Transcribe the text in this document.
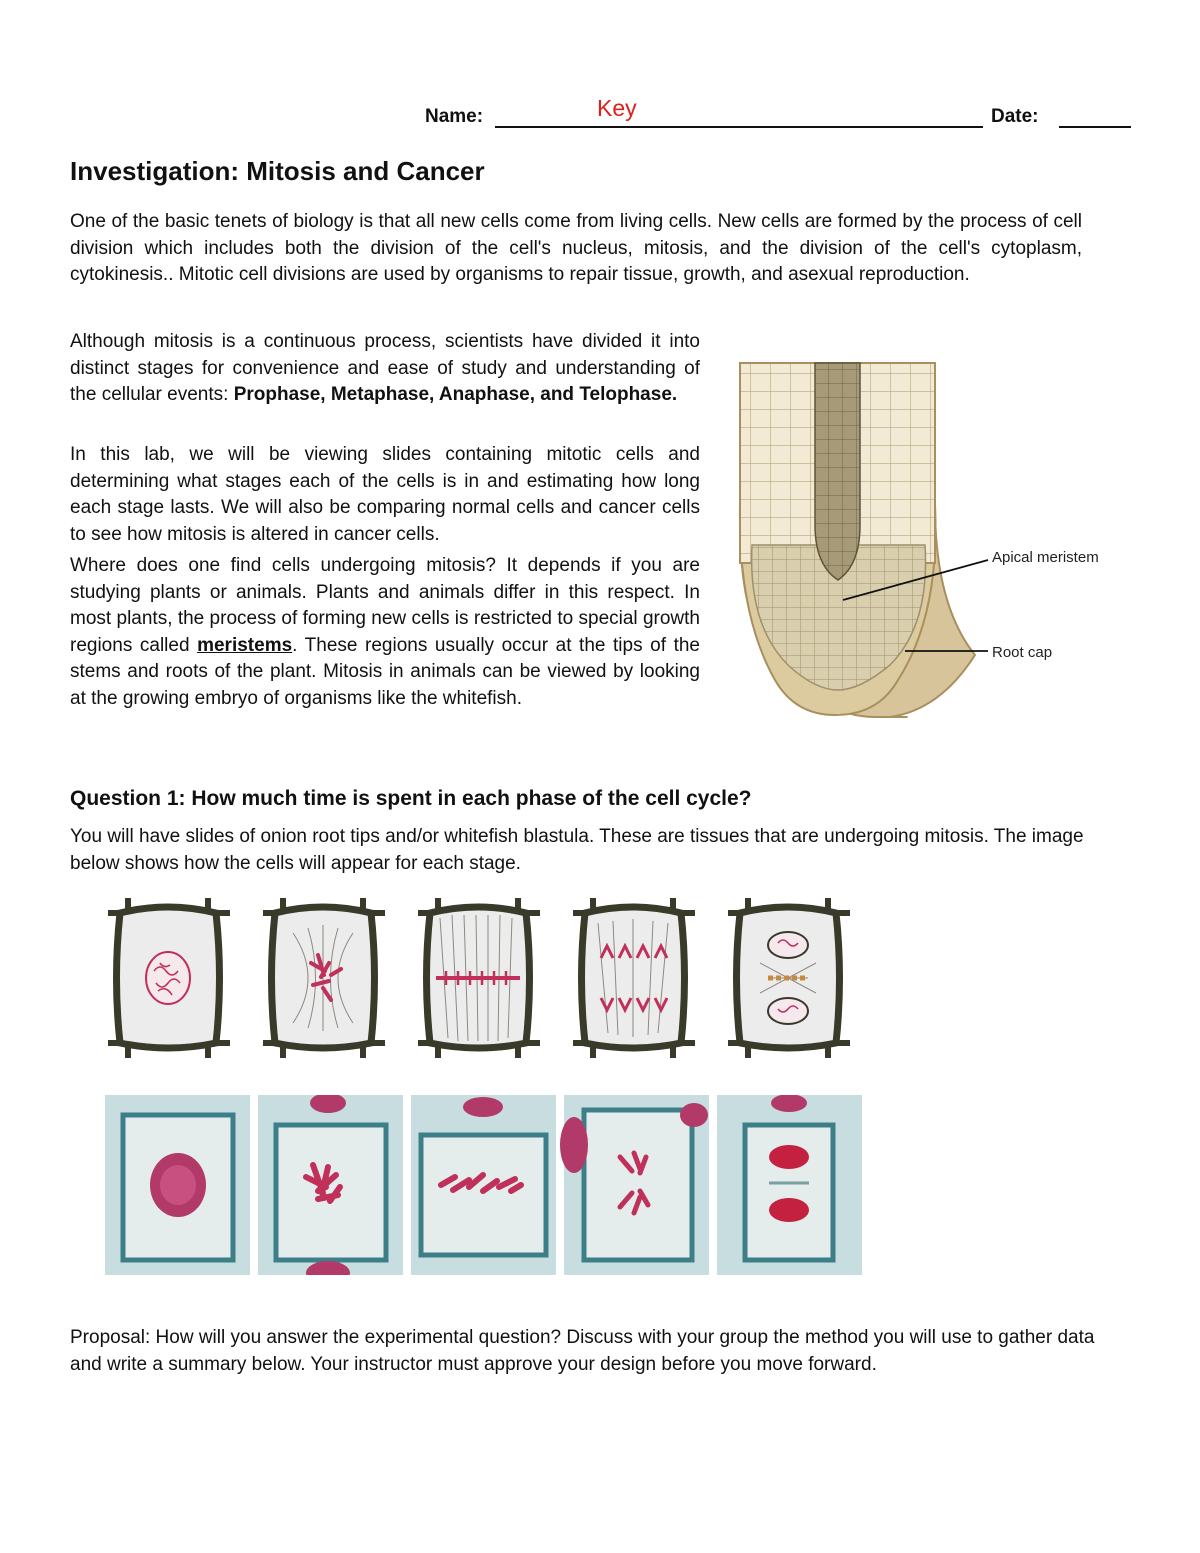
Name:	Date:
Key
Investigation: Mitosis and Cancer

One of the basic tenets of biology is that all new cells come from living cells. New cells are formed by the process of cell division which includes both the division of the cell's nucleus, mitosis, and the division of the cell's cytoplasm, cytokinesis.. Mitotic cell divisions are used by organisms to repair tissue, growth, and asexual reproduction.

Although mitosis is a continuous process, scientists have divided it into distinct stages for convenience and ease of study and understanding of the cellular events: Prophase, Metaphase, Anaphase, and Telophase.

In this lab, we will be viewing slides containing mitotic cells and determining what stages each of the cells is in and estimating how long each stage lasts. We will also be comparing normal cells and cancer cells to see how mitosis is altered in cancer cells.

Where does one find cells undergoing mitosis? It depends if you are studying plants or animals. Plants and animals differ in this respect. In most plants, the process of forming new cells is restricted to special growth regions called meristems. These regions usually occur at the tips of the stems and roots of the plant. Mitosis in animals can be viewed by looking at the growing embryo of organisms like the whitefish.

Apical meristem
Root cap
Question 1: How much time is spent in each phase of the cell cycle?

You will have slides of onion root tips and/or whitefish blastula. These are tissues that are undergoing mitosis. The image below shows how the cells will appear for each stage.

Proposal: How will you answer the experimental question? Discuss with your group the method you will use to gather data and write a summary below. Your instructor must approve your design before you move forward.
